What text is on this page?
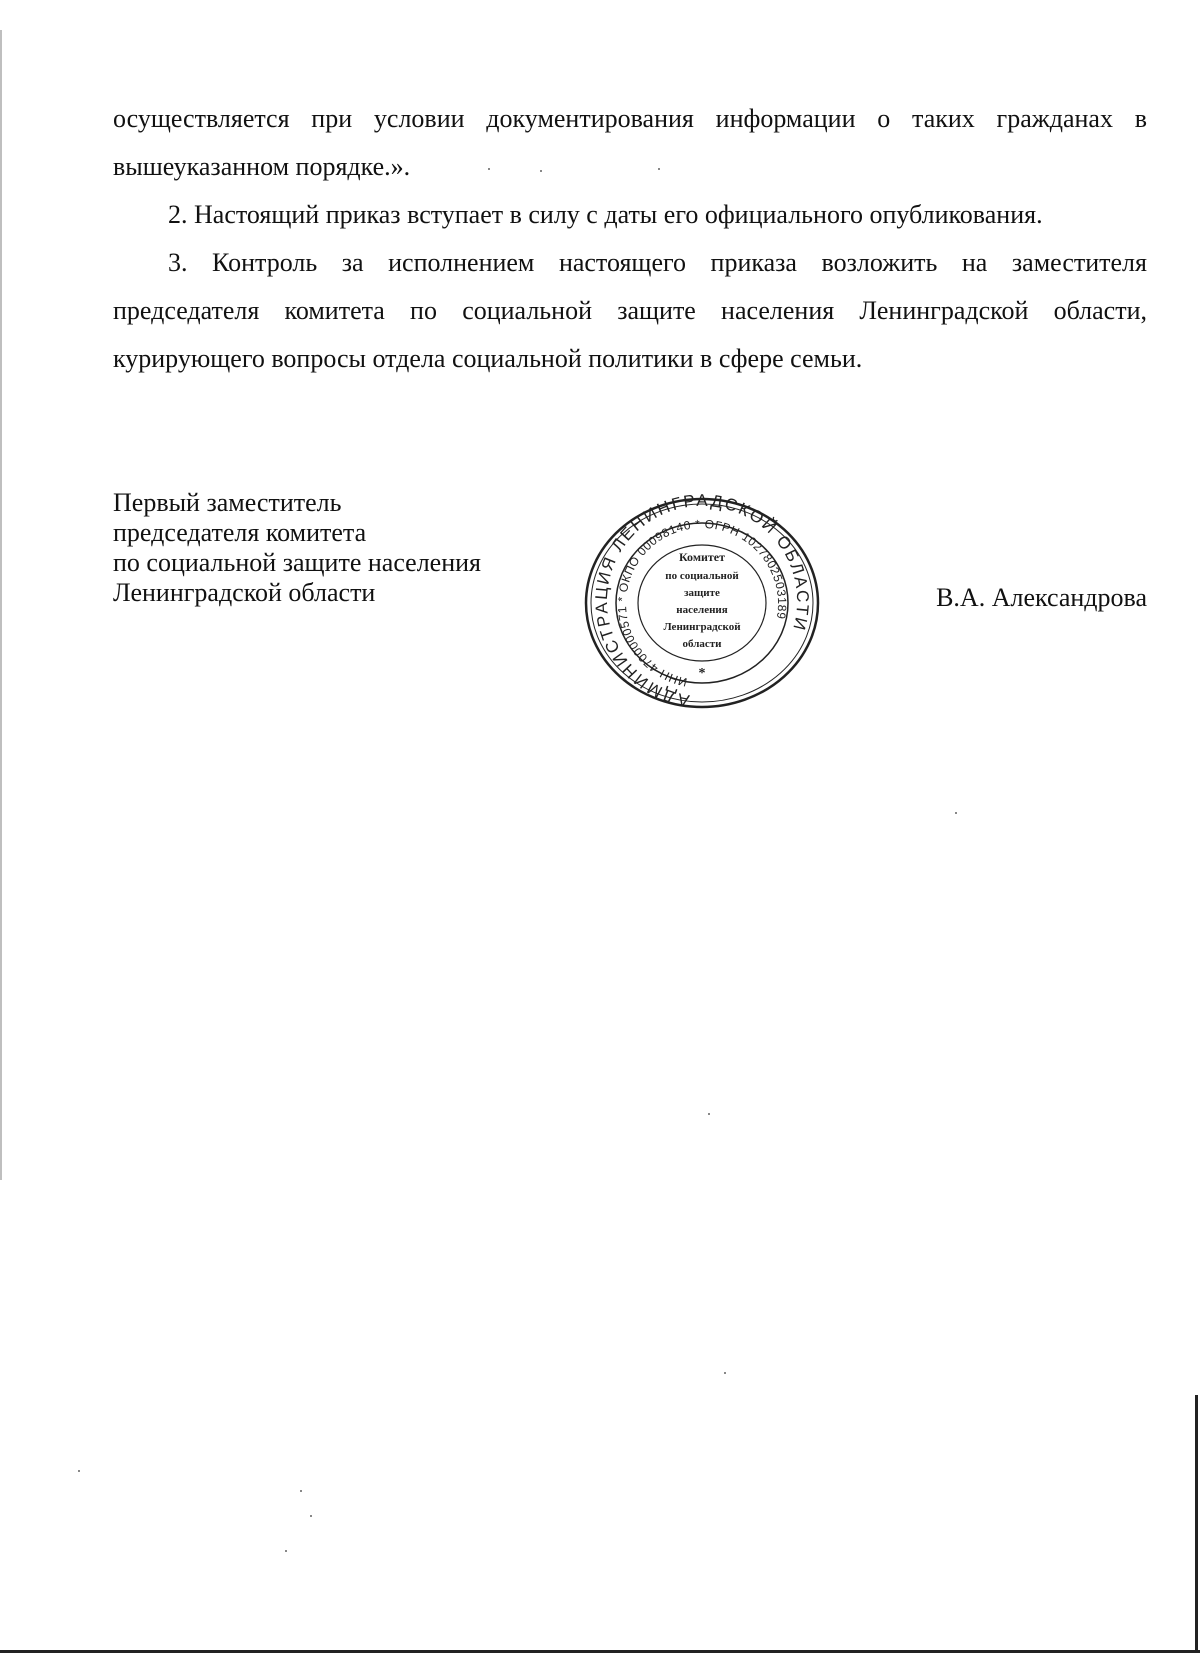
осуществляется при условии документирования информации о таких гражданах в вышеуказанном порядке.».

2. Настоящий приказ вступает в силу с даты его официального опубликования.

3. Контроль за исполнением настоящего приказа возложить на заместителя председателя комитета по социальной защите населения Ленинградской области, курирующего вопросы отдела социальной политики в сфере семьи.

Первый заместитель
председателя комитета
по социальной защите населения
Ленинградской области
АДМИНИСТРАЦИЯ ЛЕНИНГРАДСКОЙ ОБЛАСТИ
ИНН 4700000571 * ОКПО 00098140 * ОГРН 1027802503189
Комитет
по социальной
защите
населения
Ленинградской
области
*
В.А. Александрова
